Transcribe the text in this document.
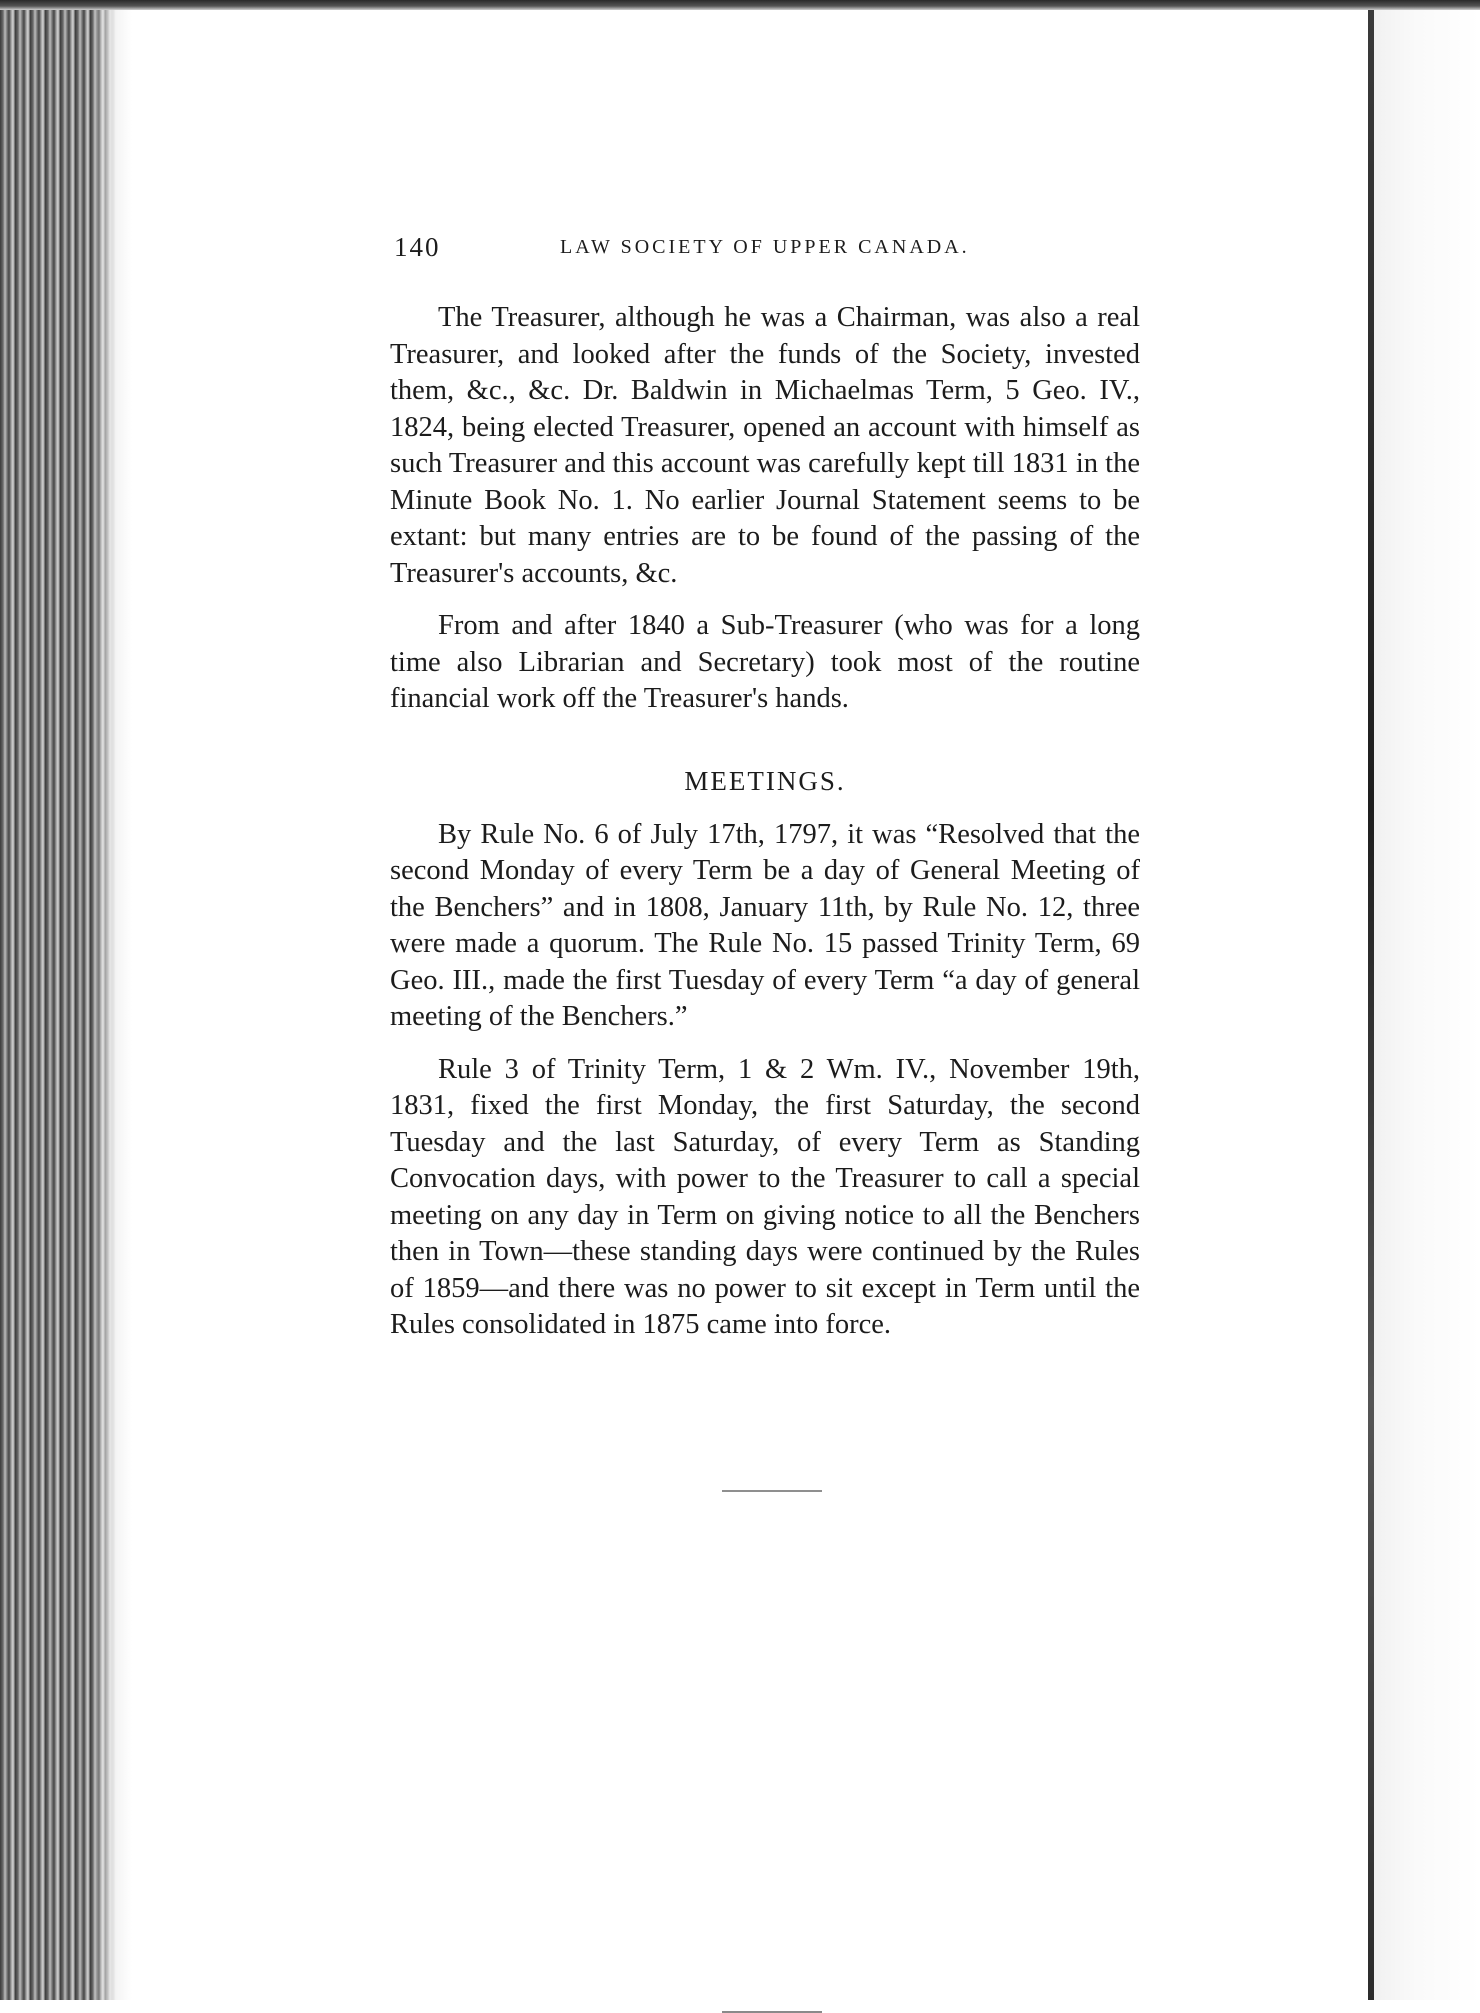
140	LAW SOCIETY OF UPPER CANADA.

The Treasurer, although he was a Chairman, was also a real Treasurer, and looked after the funds of the Society, invested them, &c., &c. Dr. Baldwin in Michaelmas Term, 5 Geo. IV., 1824, being elected Treasurer, opened an account with himself as such Treasurer and this account was carefully kept till 1831 in the Minute Book No. 1. No earlier Journal Statement seems to be extant: but many entries are to be found of the passing of the Treasurer's accounts, &c.

From and after 1840 a Sub-Treasurer (who was for a long time also Librarian and Secretary) took most of the routine financial work off the Treasurer's hands.

MEETINGS.

By Rule No. 6 of July 17th, 1797, it was “Resolved that the second Monday of every Term be a day of General Meeting of the Benchers” and in 1808, January 11th, by Rule No. 12, three were made a quorum. The Rule No. 15 passed Trinity Term, 69 Geo. III., made the first Tuesday of every Term “a day of general meeting of the Benchers.”

Rule 3 of Trinity Term, 1 & 2 Wm. IV., November 19th, 1831, fixed the first Monday, the first Saturday, the second Tuesday and the last Saturday, of every Term as Standing Convocation days, with power to the Treasurer to call a special meeting on any day in Term on giving notice to all the Benchers then in Town—these standing days were continued by the Rules of 1859—and there was no power to sit except in Term until the Rules consolidated in 1875 came into force.
